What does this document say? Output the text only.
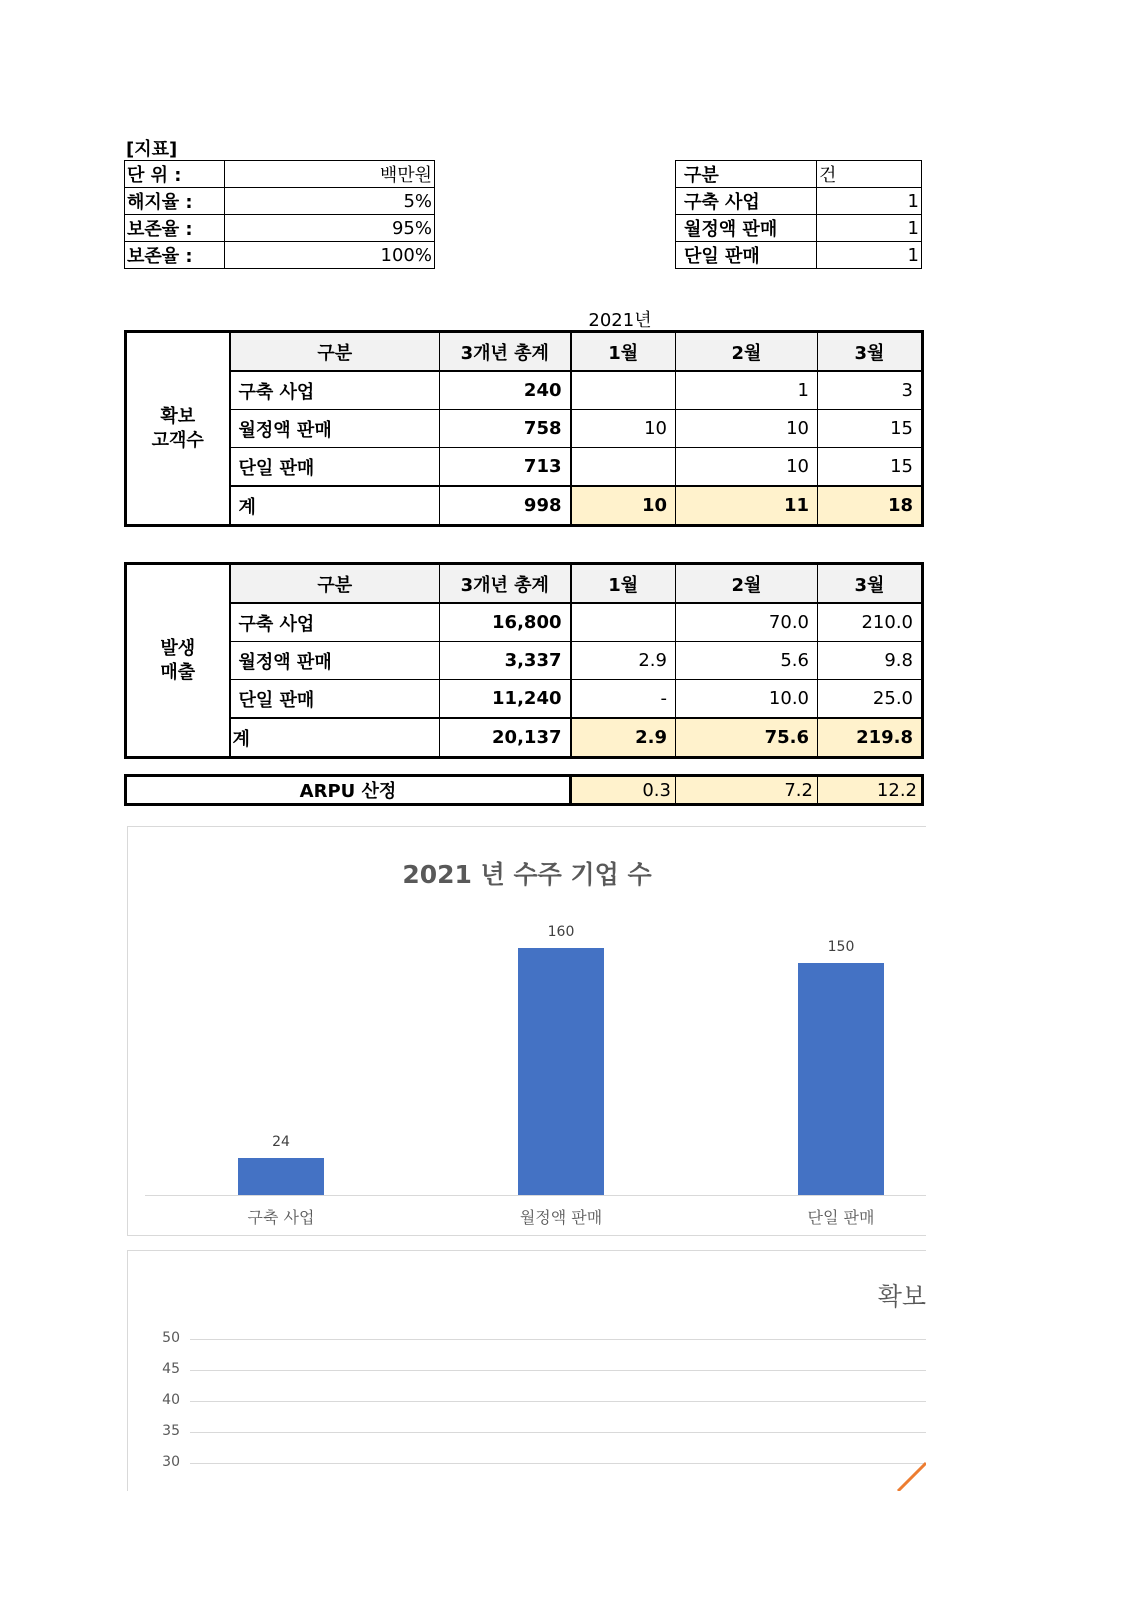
[지표]
단 위 :	백만원
해지율 :	5%
보존율 :	95%
보존율 :	100%
구분	건
구축 사업	1
월정액 판매	1
단일 판매	1
2021년
확보
고객수	구분	3개년 총계	1월	2월	3월
	구축 사업	240		1	3
	월정액 판매	758	10	10	15
	단일 판매	713		10	15
	계	998	10	11	18
발생
매출	구분	3개년 총계	1월	2월	3월
	구축 사업	16,800		70.0	210.0
	월정액 판매	3,337	2.9	5.6	9.8
	단일 판매	11,240	-	10.0	25.0
	계	20,137	2.9	75.6	219.8
ARPU 산정	0.3	7.2	12.2
2021 년 수주 기업 수
24
구축 사업
160
월정액 판매
150
단일 판매
확보
50
45
40
35
30
